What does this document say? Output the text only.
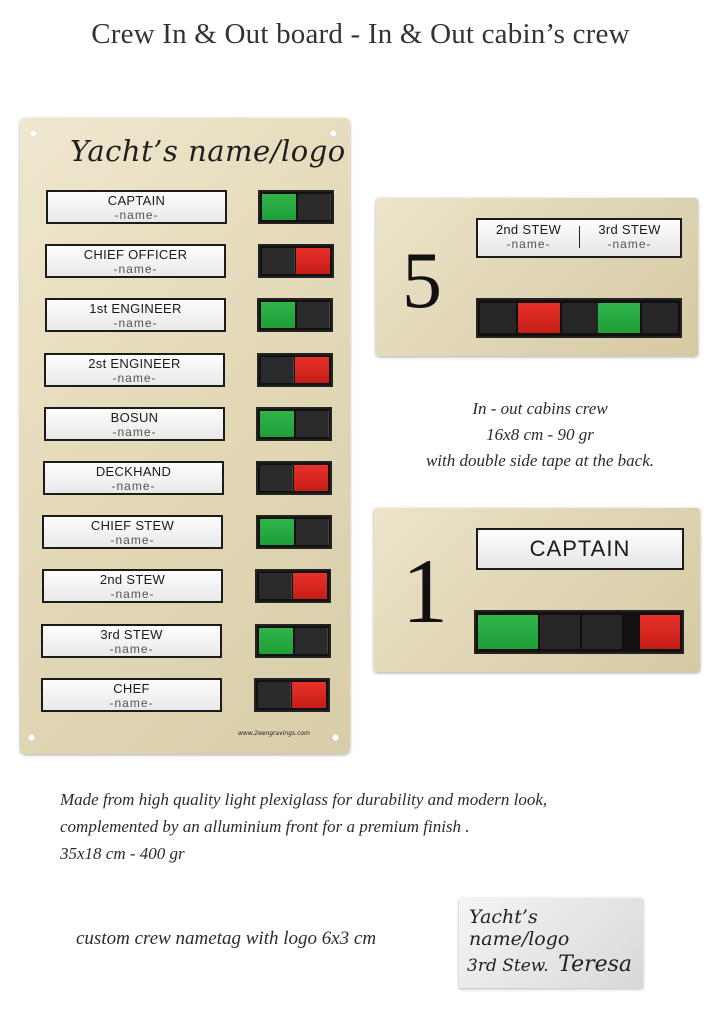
Crew In & Out board - In & Out cabin’s crew
Yacht’s name/logo
CAPTAIN
-name-
CHIEF OFFICER
-name-
1st ENGINEER
-name-
2st ENGINEER
-name-
BOSUN
-name-
DECKHAND
-name-
CHIEF STEW
-name-
2nd STEW
-name-
3rd STEW
-name-
CHEF
-name-
www.2eengravings.com
5
2nd STEW
-name-
3rd STEW
-name-
In - out cabins crew
16x8 cm - 90 gr
with double side tape at the back.
1	CAPTAIN
Made from high quality light plexiglass for durability and modern look,
complemented by an alluminium front for a premium finish .
35x18 cm - 400 gr
custom crew nametag with logo 6x3 cm
Yacht’s name/logo
3rd Stew. Teresa
